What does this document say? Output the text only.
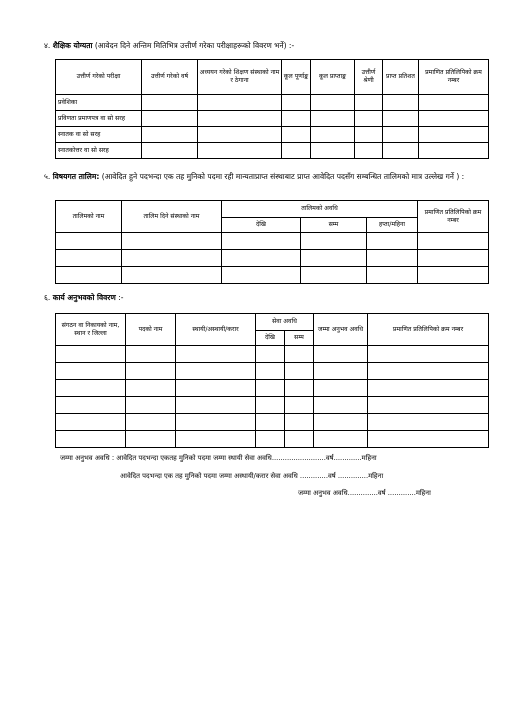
४. शैक्षिक योग्यता (आवेदन दिने अन्तिम मितिभित्र उत्तीर्ण गरेका परीक्षाहरूको विवरण भर्ने) :-
उत्तीर्ण गरेको परीक्षा	उत्तीर्ण गरेको वर्ष	अध्ययन गरेको शिक्षण संस्थाको नाम र ठेगाना	कूल पूर्णाङ्क	कूल प्राप्ताङ्क	उत्तीर्ण श्रेणी	प्राप्त प्रतिशत	प्रमाणित प्रतिलिपिको क्रम नम्बर
प्रवेशिका							
प्रविणता प्रमाणपत्र वा सो सरह							
स्नातक वा सो सरह							
स्नातकोत्तर वा सो सरह							
५. विषयगत तालिम: (आवेदित हुने पदभन्दा एक तह मुनिको पदमा रही मान्यताप्राप्त संस्थाबाट प्राप्त आवेदित पदसँग सम्बन्धित तालिमको मात्र उल्लेख गर्ने ) :
तालिमको नाम	तालिम दिने संस्थाको नाम	तालिमको अवधि			प्रमाणित प्रतिलिपिको क्रम नम्बर
		देखि	सम्म	हप्ता/महिना	

६. कार्य अनुभवको विवरण :-
संगठन वा निकायको नाम, स्थान र जिल्ला	पदको नाम	स्थायी/अस्थायी/करार	सेवा अवधि		जम्मा अनुभव अवधि	प्रमाणित प्रतिलिपिको क्रम नम्बर
			देखि	सम्म		

जम्मा अनुभव अवधि : आवेदित पदभन्दा एकतह मुनिको पदमा जम्मा स्थायी सेवा अवधि.........................वर्ष.............महिना
आवेदित पदभन्दा एक तह मुनिको पदमा जम्मा अस्थायी/करार सेवा अवधि .............वर्ष ..............महिना
जम्मा अनुभव अवधि..............वर्ष .............महिना
